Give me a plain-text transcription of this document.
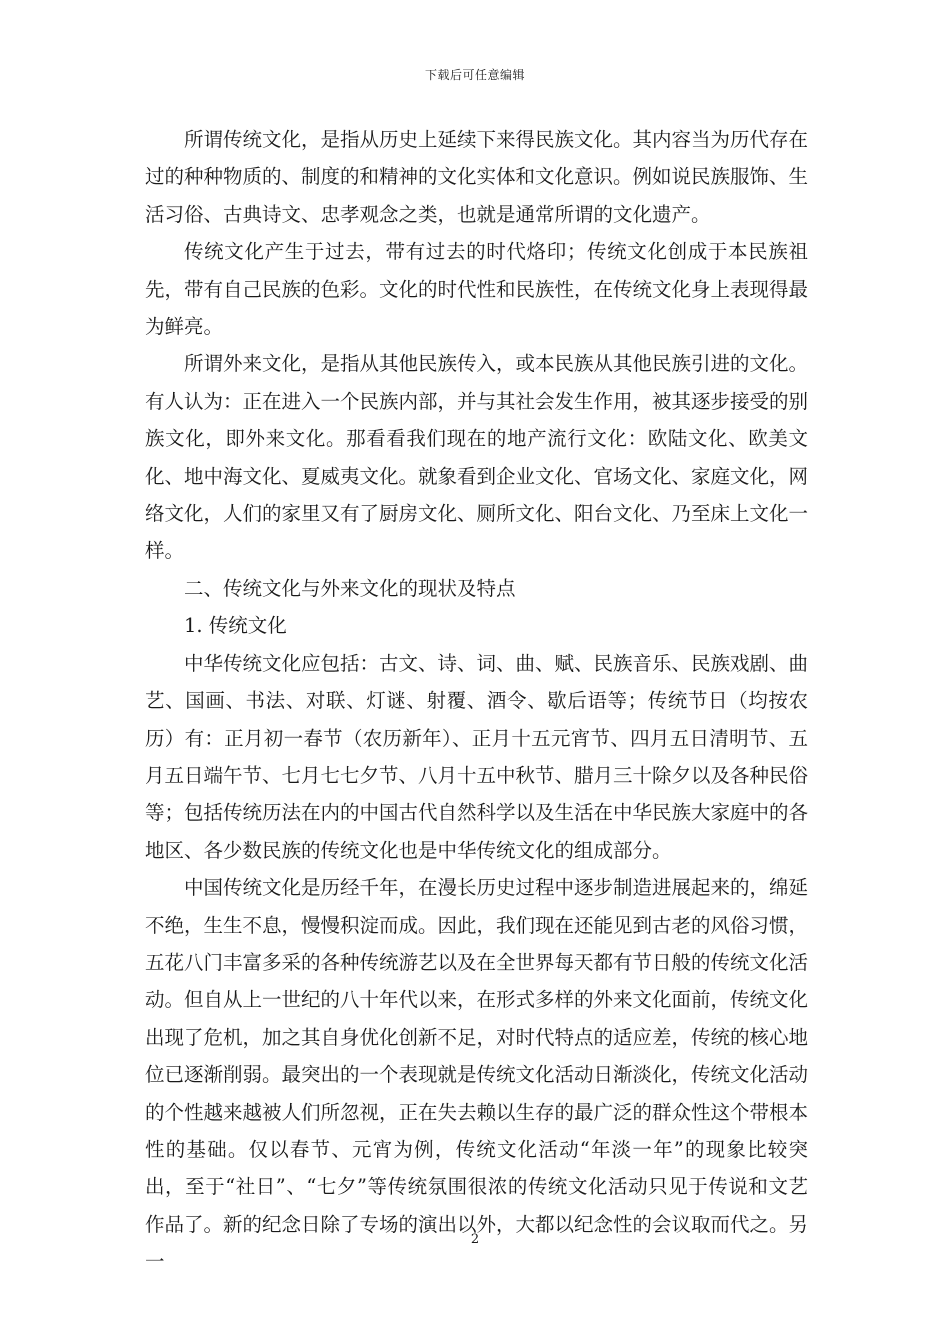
下载后可任意编辑

所谓传统文化，是指从历史上延续下来得民族文化。其内容当为历代存在过的种种物质的、制度的和精神的文化实体和文化意识。例如说民族服饰、生活习俗、古典诗文、忠孝观念之类，也就是通常所谓的文化遗产。

传统文化产生于过去，带有过去的时代烙印；传统文化创成于本民族祖先，带有自己民族的色彩。文化的时代性和民族性，在传统文化身上表现得最为鲜亮。

所谓外来文化，是指从其他民族传入，或本民族从其他民族引进的文化。有人认为：正在进入一个民族内部，并与其社会发生作用，被其逐步接受的别族文化，即外来文化。那看看我们现在的地产流行文化：欧陆文化、欧美文化、地中海文化、夏威夷文化。就象看到企业文化、官场文化、家庭文化，网络文化，人们的家里又有了厨房文化、厕所文化、阳台文化、乃至床上文化一样。

二、传统文化与外来文化的现状及特点

1. 传统文化

中华传统文化应包括：古文、诗、词、曲、赋、民族音乐、民族戏剧、曲艺、国画、书法、对联、灯谜、射覆、酒令、歇后语等；传统节日（均按农历）有：正月初一春节（农历新年）、正月十五元宵节、四月五日清明节、五月五日端午节、七月七七夕节、八月十五中秋节、腊月三十除夕以及各种民俗等；包括传统历法在内的中国古代自然科学以及生活在中华民族大家庭中的各地区、各少数民族的传统文化也是中华传统文化的组成部分。

中国传统文化是历经千年，在漫长历史过程中逐步制造进展起来的，绵延不绝，生生不息，慢慢积淀而成。因此，我们现在还能见到古老的风俗习惯，五花八门丰富多采的各种传统游艺以及在全世界每天都有节日般的传统文化活动。但自从上一世纪的八十年代以来，在形式多样的外来文化面前，传统文化出现了危机，加之其自身优化创新不足，对时代特点的适应差，传统的核心地位已逐渐削弱。最突出的一个表现就是传统文化活动日渐淡化，传统文化活动的个性越来越被人们所忽视，正在失去赖以生存的最广泛的群众性这个带根本性的基础。仅以春节、元宵为例，传统文化活动“年淡一年”的现象比较突出，至于“社日”、“七夕”等传统氛围很浓的传统文化活动只见于传说和文艺作品了。新的纪念日除了专场的演出以外，大都以纪念性的会议取而代之。另一

2
